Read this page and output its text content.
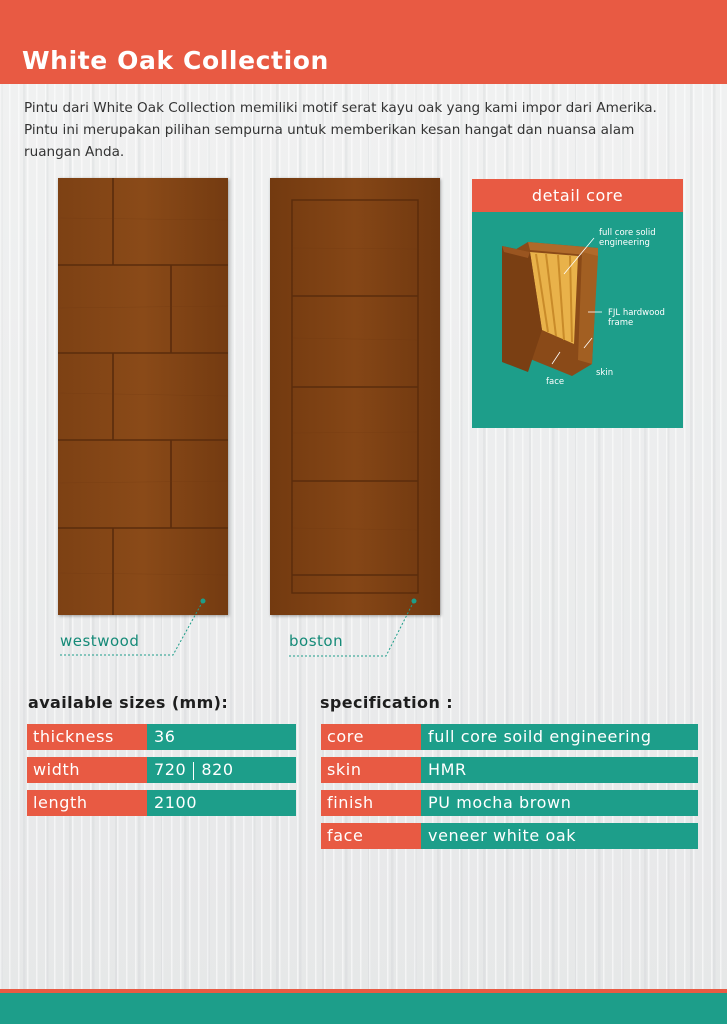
White Oak Collection

Pintu dari White Oak Collection memiliki motif serat kayu oak yang kami impor dari Amerika. Pintu ini merupakan pilihan sempurna untuk memberikan kesan hangat dan nuansa alam ruangan Anda.

westwood	boston
detail core
full core solid engineering
FJL hardwood frame
face
skin
available sizes (mm):
thickness	36
width	720 820
length	2100
specification :
core	full core soild engineering
skin	HMR
finish	PU mocha brown
face	veneer white oak
